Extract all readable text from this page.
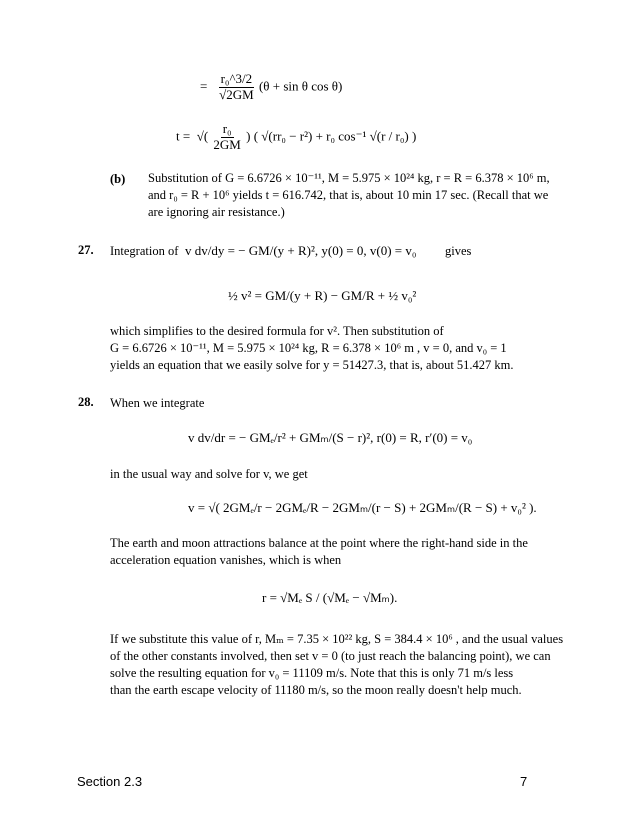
= $\frac{\text{r₀\textasciicircum{}3/2}}{√2GM} (\theta + \sin \theta$ cos θ)
t =  √( $\frac{\text{r₀}}{2GM}$ ) ( √(rr₀ − r²) + r₀ cos⁻¹ √(r / r₀) )
(b) Substitution of G = 6.6726 × 10⁻¹¹, M = 5.975 × 10²⁴ kg, r = R = 6.378 × 10⁶ m,
and r₀ = R + 10⁶ yields t = 616.742, that is, about 10 min 17 sec. (Recall that we
are ignoring air resistance.)
27. Integration of v dv/dy = − GM/(y + R)², y(0) = 0, v(0) = v₀ gives
½ v² = GM/(y + R) − GM/R + ½ v₀²
which simplifies to the desired formula for v². Then substitution of
G = 6.6726 × 10⁻¹¹, M = 5.975 × 10²⁴ kg, R = 6.378 × 10⁶ m , v = 0, and v₀ = 1
yields an equation that we easily solve for y = 51427.3, that is, about 51.427 km.
28. When we integrate
v dv/dr = − GMₑ/r² + GMₘ/(S − r)², r(0) = R, r′(0) = v₀
in the usual way and solve for v, we get
v = √( 2GMₑ/r − 2GMₑ/R − 2GMₘ/(r − S) + 2GMₘ/(R − S) + v₀² ).
The earth and moon attractions balance at the point where the right-hand side in the
acceleration equation vanishes, which is when
r = √Mₑ S / (√Mₑ − √Mₘ).
If we substitute this value of r, Mₘ = 7.35 × 10²² kg, S = 384.4 × 10⁶ , and the usual values
of the other constants involved, then set v = 0 (to just reach the balancing point), we can
solve the resulting equation for v₀ = 11109 m/s. Note that this is only 71 m/s less
than the earth escape velocity of 11180 m/s, so the moon really doesn't help much.
Section 2.3	7
